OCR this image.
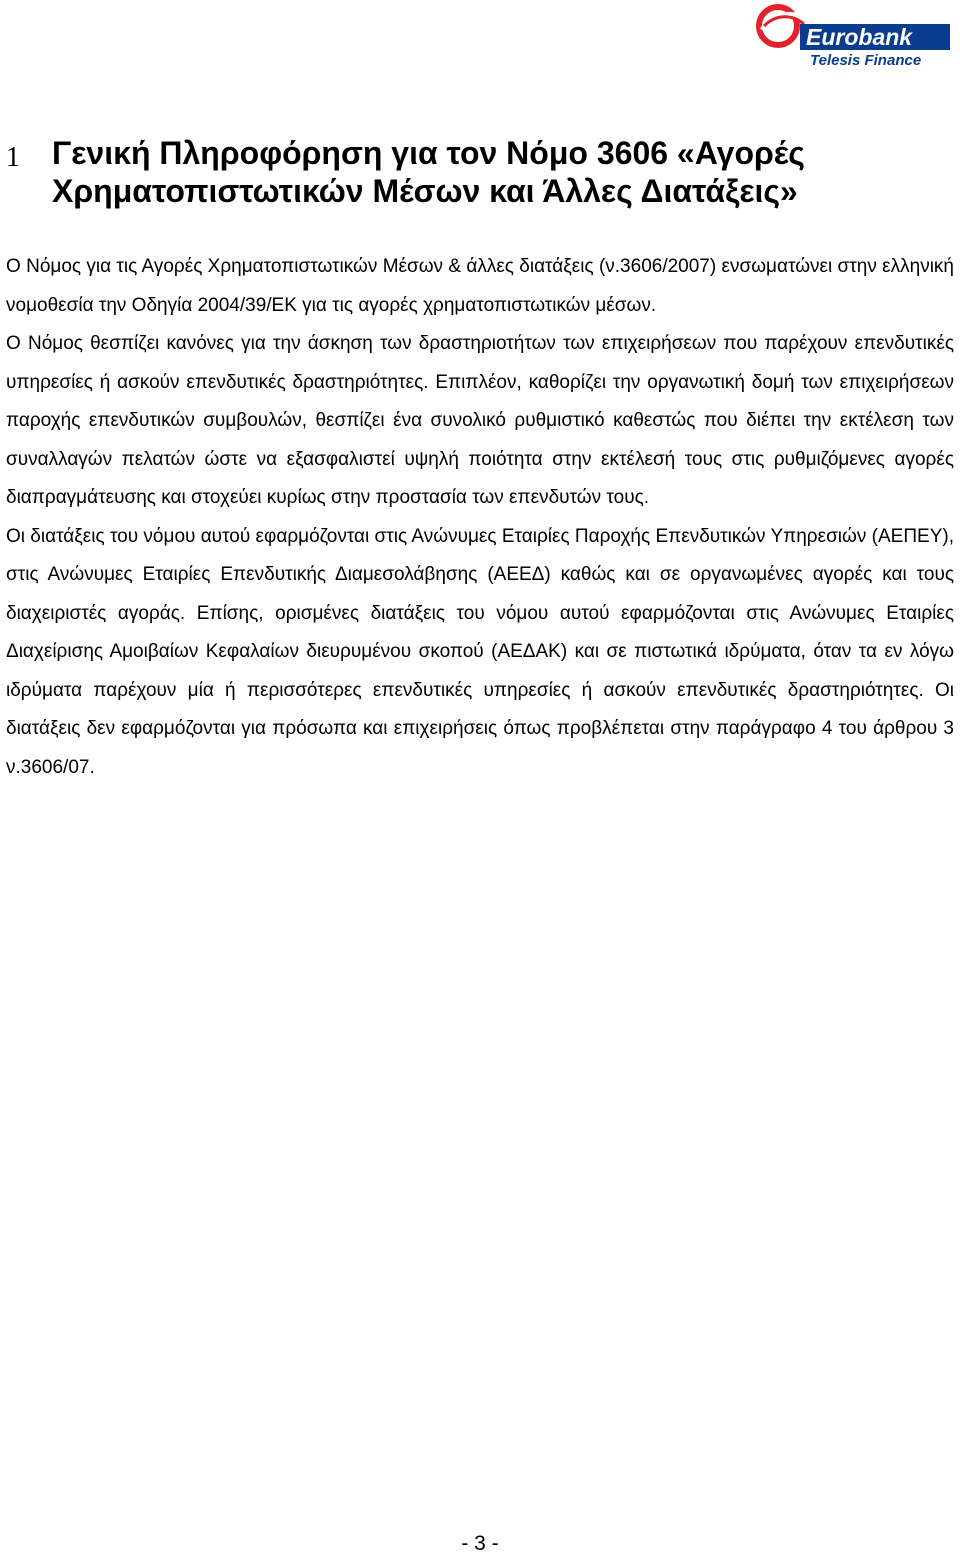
Eurobank
Telesis Finance
1 Γενική Πληροφόρηση για τον Νόμο 3606 «Αγορές Χρηματοπιστωτικών Μέσων και Άλλες Διατάξεις»

Ο Νόμος για τις Αγορές Χρηματοπιστωτικών Μέσων & άλλες διατάξεις (ν.3606/2007) ενσωματώνει στην ελληνική νομοθεσία την Οδηγία 2004/39/ΕΚ για τις αγορές χρηματοπιστωτικών μέσων.

Ο Νόμος θεσπίζει κανόνες για την άσκηση των δραστηριοτήτων των επιχειρήσεων που παρέχουν επενδυτικές υπηρεσίες ή ασκούν επενδυτικές δραστηριότητες. Επιπλέον, καθορίζει την οργανωτική δομή των επιχειρήσεων παροχής επενδυτικών συμβουλών, θεσπίζει ένα συνολικό ρυθμιστικό καθεστώς που διέπει την εκτέλεση των συναλλαγών πελατών ώστε να εξασφαλιστεί υψηλή ποιότητα στην εκτέλεσή τους στις ρυθμιζόμενες αγορές διαπραγμάτευσης και στοχεύει κυρίως στην προστασία των επενδυτών τους.

Οι διατάξεις του νόμου αυτού εφαρμόζονται στις Ανώνυμες Εταιρίες Παροχής Επενδυτικών Υπηρεσιών (ΑΕΠΕΥ), στις Ανώνυμες Εταιρίες Επενδυτικής Διαμεσολάβησης (ΑΕΕΔ) καθώς και σε οργανωμένες αγορές και τους διαχειριστές αγοράς. Επίσης, ορισμένες διατάξεις του νόμου αυτού εφαρμόζονται στις Ανώνυμες Εταιρίες Διαχείρισης Αμοιβαίων Κεφαλαίων διευρυμένου σκοπού (ΑΕΔΑΚ) και σε πιστωτικά ιδρύματα, όταν τα εν λόγω ιδρύματα παρέχουν μία ή περισσότερες επενδυτικές υπηρεσίες ή ασκούν επενδυτικές δραστηριότητες. Οι διατάξεις δεν εφαρμόζονται για πρόσωπα και επιχειρήσεις όπως προβλέπεται στην παράγραφο 4 του άρθρου 3 ν.3606/07.

- 3 -
